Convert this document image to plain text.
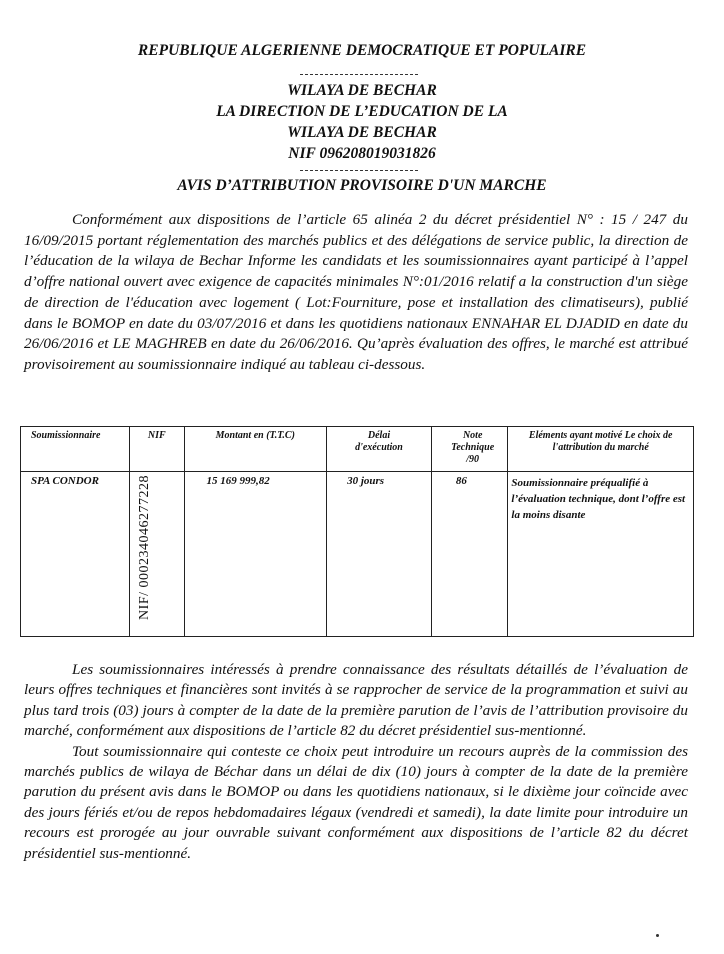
REPUBLIQUE ALGERIENNE DEMOCRATIQUE ET POPULAIRE
WILAYA DE BECHAR
LA DIRECTION DE L’EDUCATION DE LA
WILAYA DE BECHAR
NIF 096208019031826
AVIS D’ATTRIBUTION PROVISOIRE D'UN MARCHE

Conformément aux dispositions de l’article 65 alinéa 2 du décret présidentiel N° : 15 / 247 du 16/09/2015 portant réglementation des marchés publics et des délégations de service public, la direction de l’éducation de la wilaya de Bechar Informe les candidats et les soumissionnaires ayant participé à l’appel d’offre national ouvert avec exigence de capacités minimales N°:01/2016 relatif a la construction d'un siège de direction de l'éducation avec logement ( Lot:Fourniture, pose et installation des climatiseurs), publié dans le BOMOP en date du 03/07/2016 et dans les quotidiens nationaux ENNAHAR EL DJADID en date du 26/06/2016 et LE MAGHREB en date du 26/06/2016. Qu’après évaluation des offres, le marché est attribué provisoirement au soumissionnaire indiqué au tableau ci-dessous.

Soumissionnaire	NIF	Montant en (T.T.C)	Délai d'exécution	Note Technique /90	Eléments ayant motivé Le choix de l'attribution du marché
SPA CONDOR	NIF/ 000234046277228	15 169 999,82	30 jours	86	Soumissionnaire préqualifié à l’évaluation technique, dont l’offre est la moins disante

Les soumissionnaires intéressés à prendre connaissance des résultats détaillés de l’évaluation de leurs offres techniques et financières sont invités à se rapprocher de service de la programmation et suivi au plus tard trois (03) jours à compter de la date de la première parution de l’avis de l’attribution provisoire du marché, conformément aux dispositions de l’article 82 du décret présidentiel sus-mentionné.

Tout soumissionnaire qui conteste ce choix peut introduire un recours auprès de la commission des marchés publics de wilaya de Béchar dans un délai de dix (10) jours à compter de la date de la première parution du présent avis dans le BOMOP ou dans les quotidiens nationaux, si le dixième jour coïncide avec des jours fériés et/ou de repos hebdomadaires légaux (vendredi et samedi), la date limite pour introduire un recours est prorogée au jour ouvrable suivant conformément aux dispositions de l’article 82 du décret présidentiel sus-mentionné.
